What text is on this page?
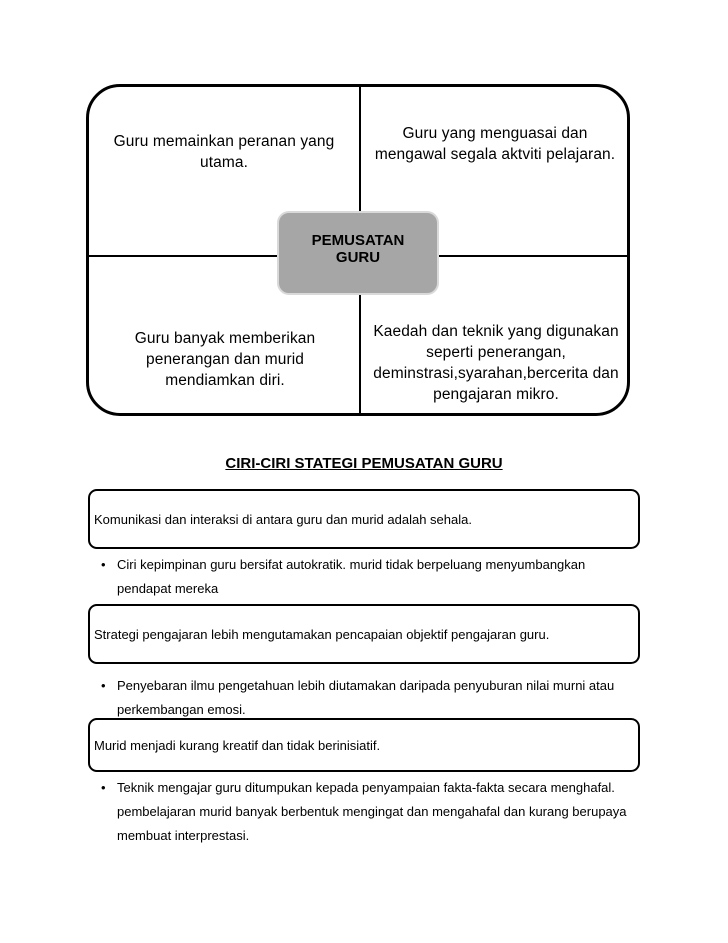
Guru memainkan peranan yang utama.
Guru yang menguasai dan mengawal segala aktviti pelajaran.
Guru banyak memberikan penerangan dan murid mendiamkan diri.
Kaedah dan teknik yang digunakan seperti penerangan, deminstrasi,syarahan,bercerita dan pengajaran mikro.
PEMUSATAN
GURU
CIRI-CIRI STATEGI PEMUSATAN GURU
Komunikasi dan interaksi di antara guru dan murid adalah sehala.
• Ciri kepimpinan guru bersifat autokratik. murid tidak berpeluang menyumbangkan pendapat mereka
Strategi pengajaran lebih mengutamakan pencapaian objektif pengajaran guru.
• Penyebaran ilmu pengetahuan lebih diutamakan daripada penyuburan nilai murni atau perkembangan emosi.
Murid menjadi kurang kreatif dan tidak berinisiatif.
• Teknik mengajar guru ditumpukan kepada penyampaian fakta-fakta secara menghafal. pembelajaran murid banyak berbentuk mengingat dan mengahafal dan kurang berupaya membuat interprestasi.
